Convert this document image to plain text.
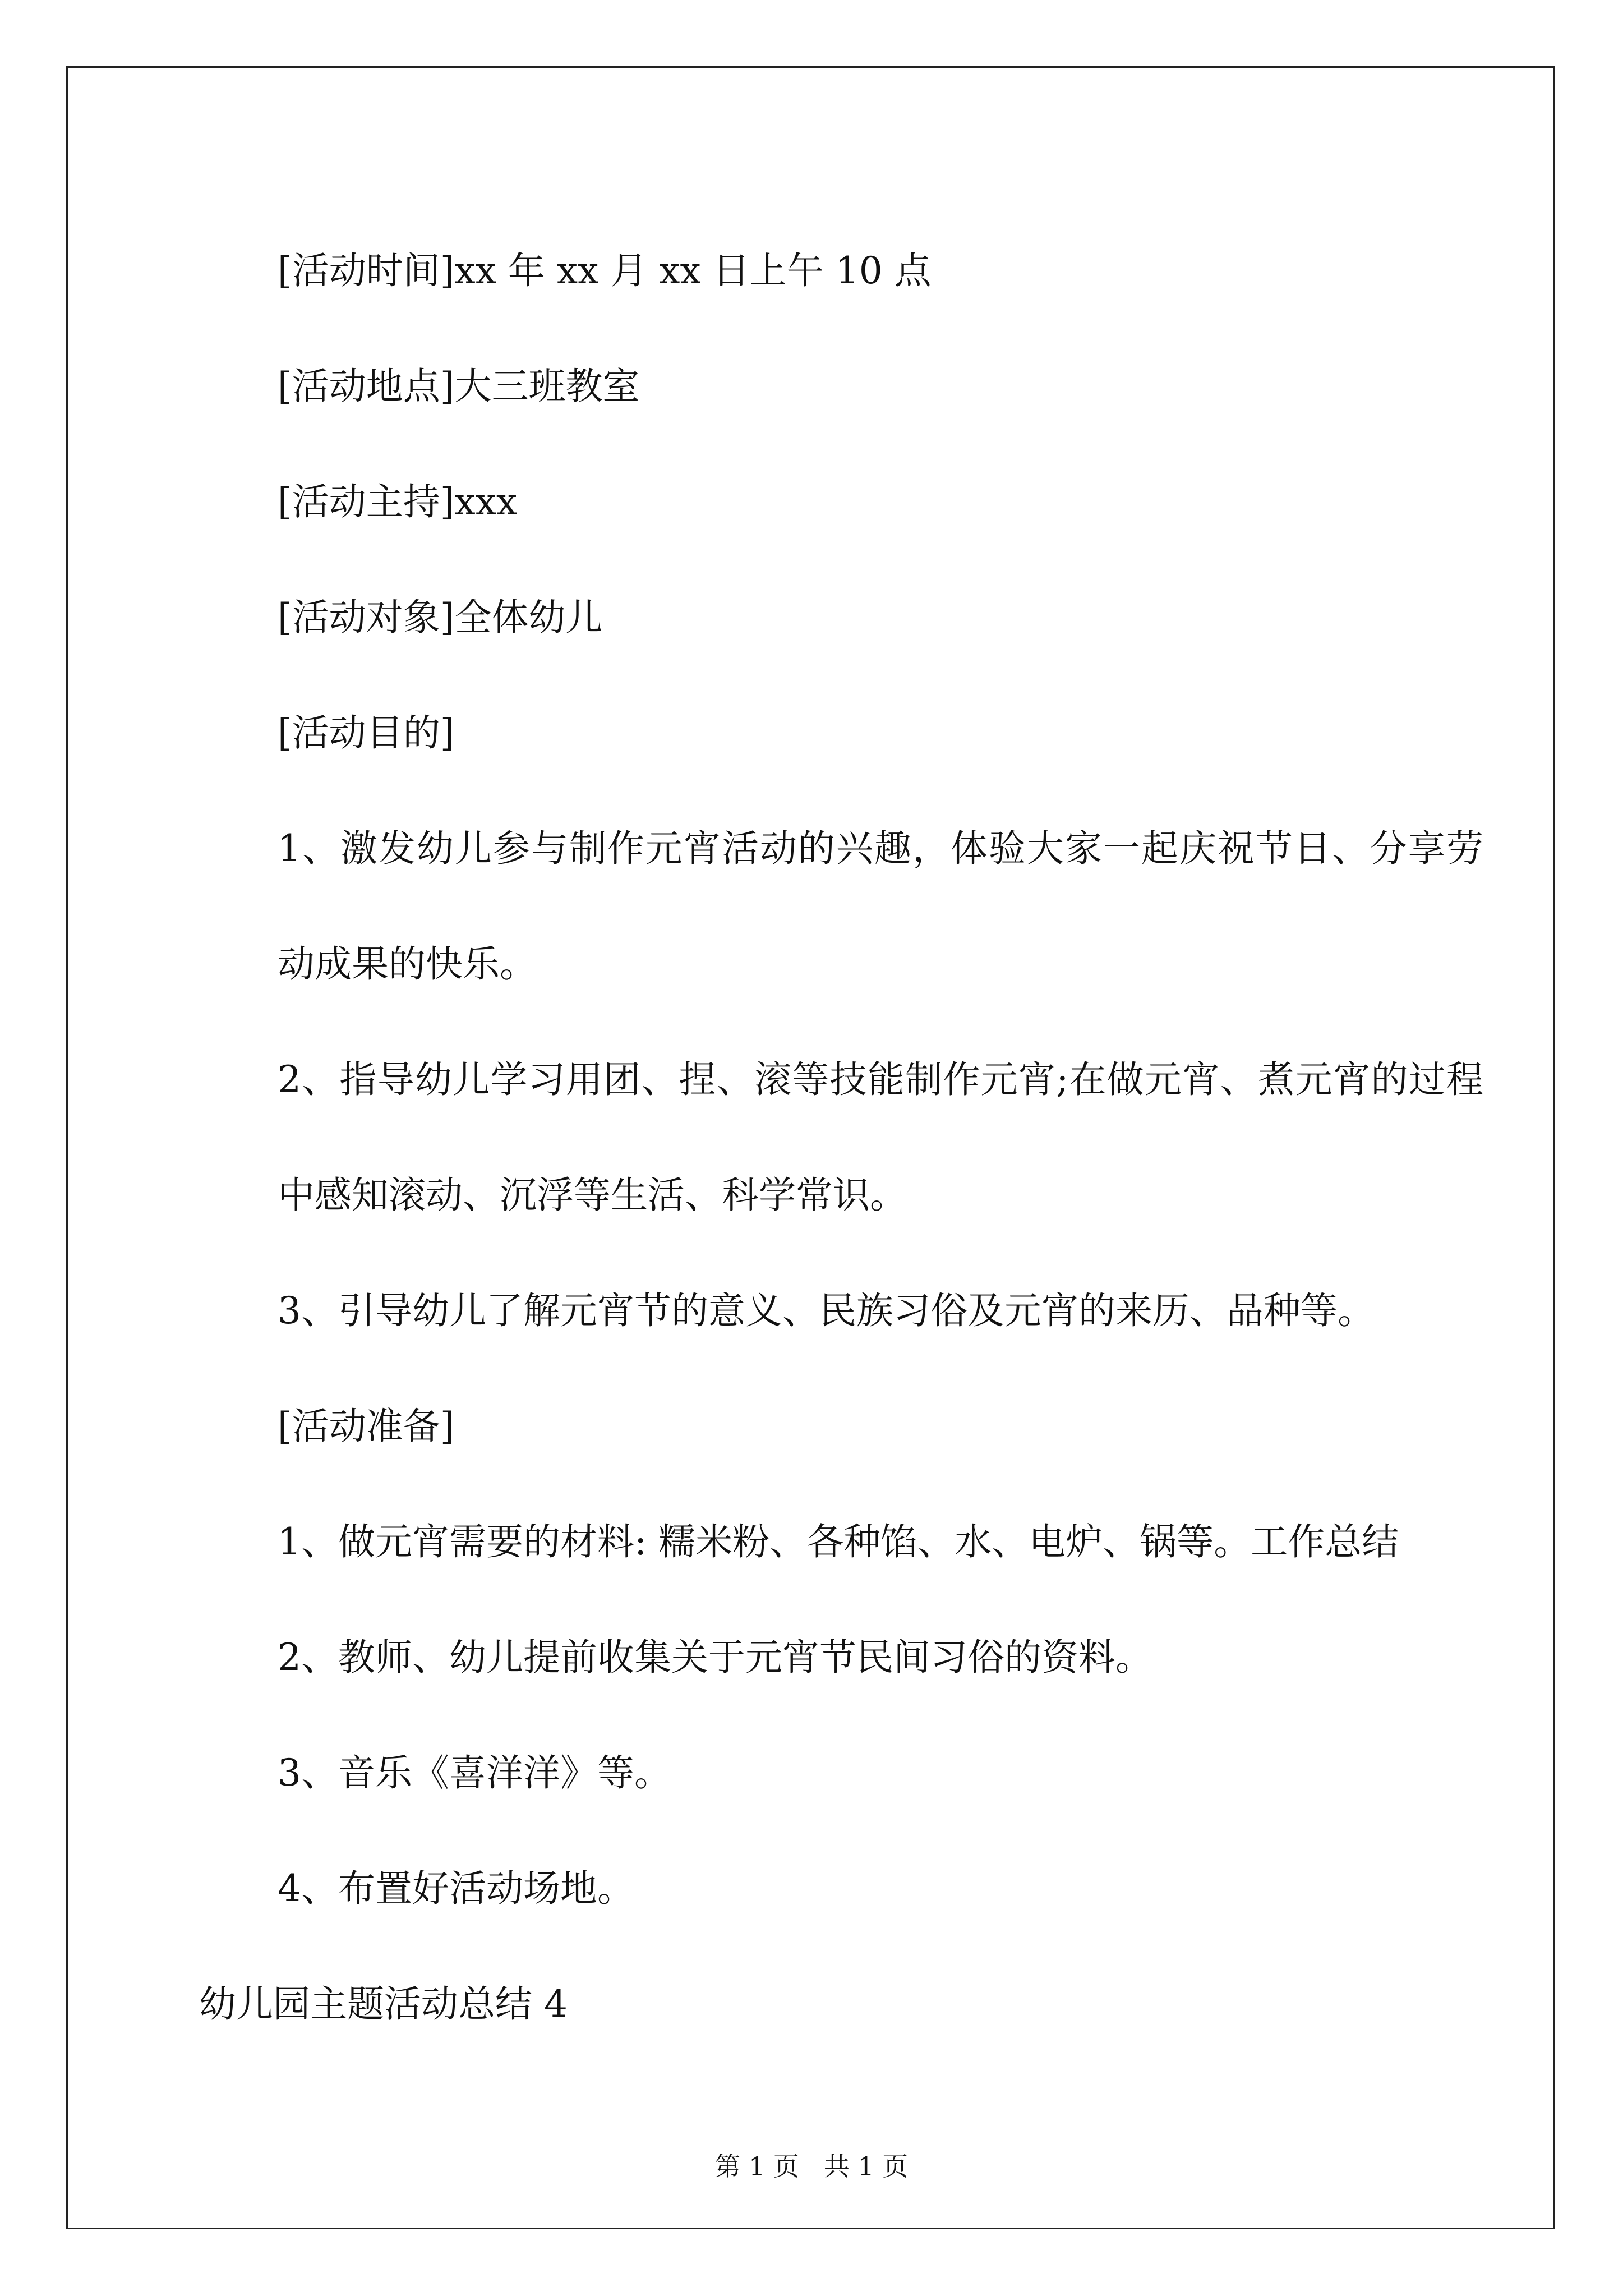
[活动时间]xx 年 xx 月 xx 日上午 10 点

[活动地点]大三班教室

[活动主持]xxx

[活动对象]全体幼儿

[活动目的]

1、激发幼儿参与制作元宵活动的兴趣，体验大家一起庆祝节日、分享劳动成果的快乐。

2、指导幼儿学习用团、捏、滚等技能制作元宵;在做元宵、煮元宵的过程中感知滚动、沉浮等生活、科学常识。

3、引导幼儿了解元宵节的意义、民族习俗及元宵的来历、品种等。

[活动准备]

1、做元宵需要的材料: 糯米粉、各种馅、水、电炉、锅等。工作总结

2、教师、幼儿提前收集关于元宵节民间习俗的资料。

3、音乐《喜洋洋》等。

4、布置好活动场地。

幼儿园主题活动总结 4

第 1 页   共 1 页
